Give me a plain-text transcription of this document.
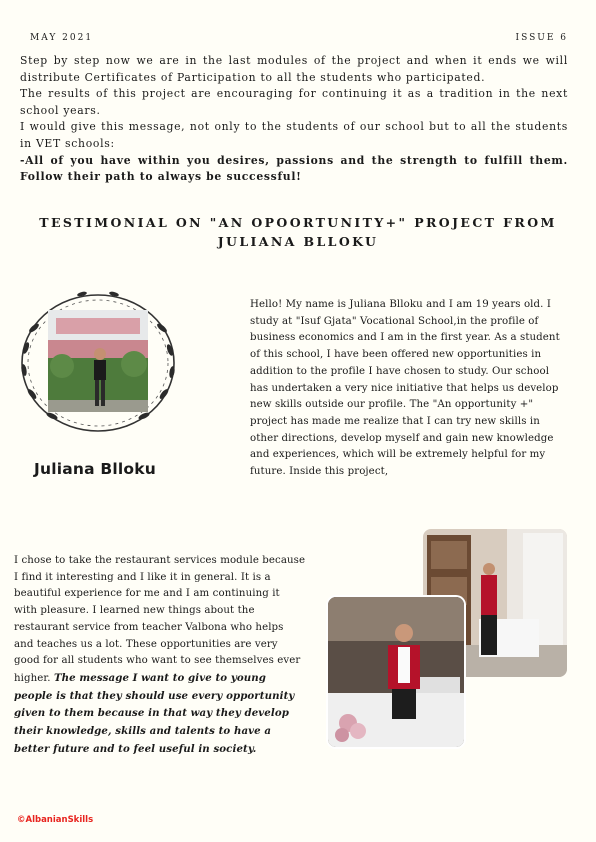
MAY 2021	ISSUE 6

Step by step now we are in the last modules of the project and when it ends we will distribute Certificates of Participation to all the students who participated.

The results of this project are encouraging for continuing it as a tradition in the next school years.

I would give this message, not only to the students of our school but to all the students in VET schools:

-All of you have within you desires, passions and the strength to fulfill them. Follow their path to always be successful!

TESTIMONIAL ON "AN OPOORTUNITY+" PROJECT FROM JULIANA BLLOKU

Juliana Blloku

Hello! My name is Juliana Blloku and I am 19 years old. I study at "Isuf Gjata" Vocational School,in the profile of business economics and I am in the first year. As a student of this school, I have been offered new opportunities in addition to the profile I have chosen to study. Our school has undertaken a very nice initiative that helps us develop new skills outside our profile. The "An opportunity +" project has made me realize that I can try new skills in other directions, develop myself and gain new knowledge and experiences, which will be extremely helpful for my future. Inside this project,

I chose to take the restaurant services module because I find it interesting and I like it in general. It is a beautiful experience for me and I am continuing it with pleasure. I learned new things about the restaurant service from teacher Valbona who helps and teaches us a lot. These opportunities are very good for all students who want to see themselves ever higher. The message I want to give to young people is that they should use every opportunity given to them because in that way they develop their knowledge, skills and talents to have a better future and to feel useful in society.

©AlbanianSkills
